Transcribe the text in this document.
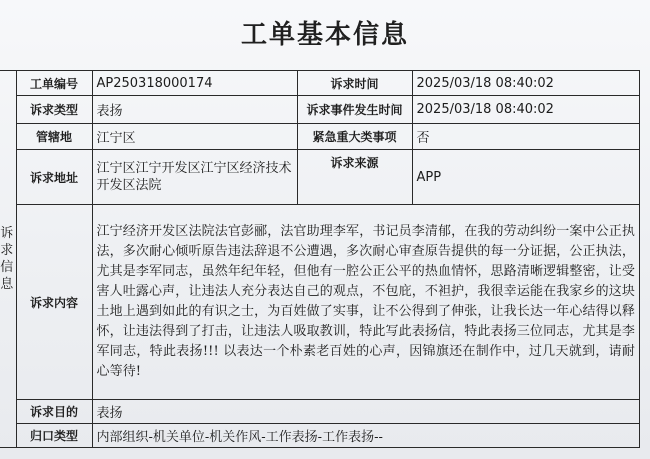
工单基本信息
诉
求
信
息	工单编号	AP250318000174	诉求时间	2025/03/18 08:40:02
	诉求类型	表扬	诉求事件发生时间	2025/03/18 08:40:02
	管辖地	江宁区	紧急重大类事项	否
	诉求地址	江宁区江宁开发区江宁区经济技术开发区法院	诉求来源	APP
	诉求内容	江宁经济开发区法院法官彭郦，法官助理李军，书记员李清郁，在我的劳动纠纷一案中公正执法，多次耐心倾听原告违法辞退不公遭遇，多次耐心审查原告提供的每一分证据，公正执法，尤其是李军同志，虽然年纪年轻，但他有一腔公正公平的热血情怀，思路清晰逻辑整密，让受害人吐露心声，让违法人充分表达自己的观点，不包庇，不袒护，我很幸运能在我家乡的这块土地上遇到如此的有识之士，为百姓做了实事，让不公得到了伸张，让我长达一年心结得以释怀，让违法得到了打击，让违法人吸取教训，特此写此表扬信，特此表扬三位同志，尤其是李军同志，特此表扬!!! 以表达一个朴素老百姓的心声，因锦旗还在制作中，过几天就到，请耐心等待!		
	诉求目的	表扬		
	归口类型	内部组织-机关单位-机关作风-工作表扬-工作表扬--		
